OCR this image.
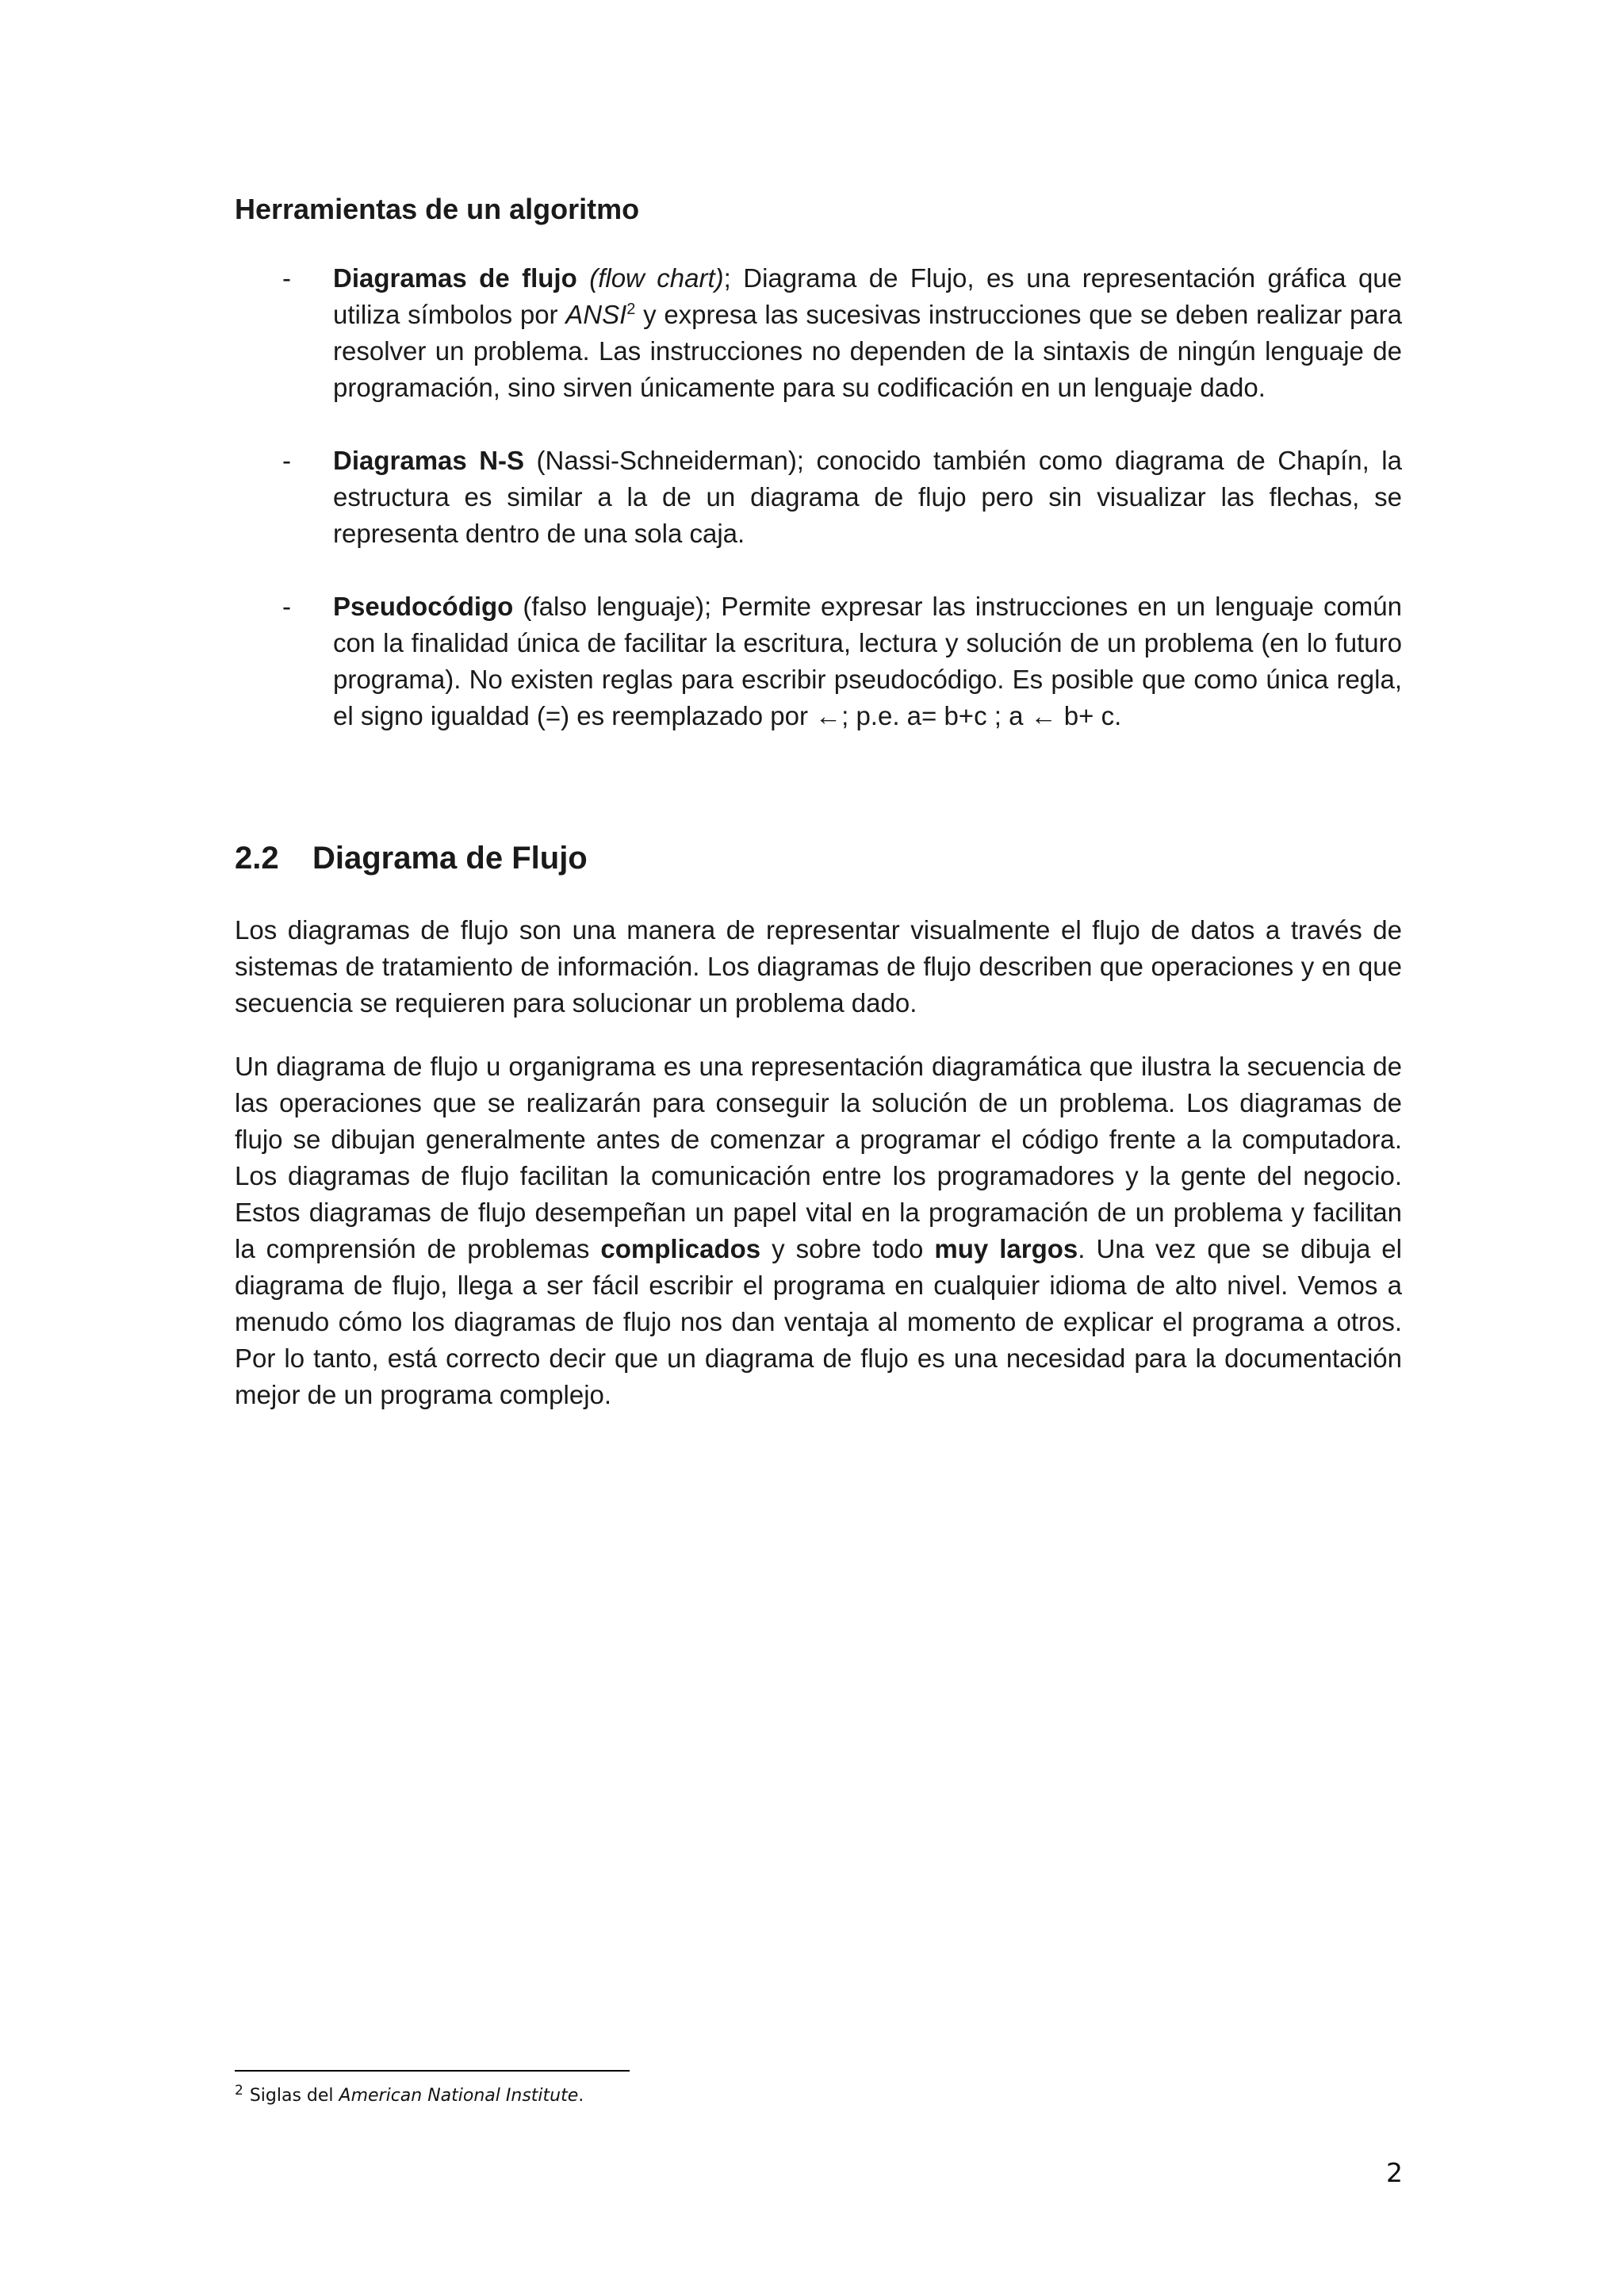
Herramientas de un algoritmo
- Diagramas de flujo (flow chart); Diagrama de Flujo, es una representación gráfica que utiliza símbolos por ANSI$^2$ y expresa las sucesivas instrucciones que se deben realizar para resolver un problema. Las instrucciones no dependen de la sintaxis de ningún lenguaje de programación, sino sirven únicamente para su codificación en un lenguaje dado.
- Diagramas N-S (Nassi-Schneiderman); conocido también como diagrama de Chapín, la estructura es similar a la de un diagrama de flujo pero sin visualizar las flechas, se representa dentro de una sola caja.
- Pseudocódigo (falso lenguaje); Permite expresar las instrucciones en un lenguaje común con la finalidad única de facilitar la escritura, lectura y solución de un problema (en lo futuro programa). No existen reglas para escribir pseudocódigo. Es posible que como única regla, el signo igualdad (=) es reemplazado por ←; p.e. a= b+c ; a ← b+ c.
2.2 Diagrama de Flujo

Los diagramas de flujo son una manera de representar visualmente el flujo de datos a través de sistemas de tratamiento de información. Los diagramas de flujo describen que operaciones y en que secuencia se requieren para solucionar un problema dado.

Un diagrama de flujo u organigrama es una representación diagramática que ilustra la secuencia de las operaciones que se realizarán para conseguir la solución de un problema. Los diagramas de flujo se dibujan generalmente antes de comenzar a programar el código frente a la computadora. Los diagramas de flujo facilitan la comunicación entre los programadores y la gente del negocio. Estos diagramas de flujo desempeñan un papel vital en la programación de un problema y facilitan la comprensión de problemas complicados y sobre todo muy largos. Una vez que se dibuja el diagrama de flujo, llega a ser fácil escribir el programa en cualquier idioma de alto nivel. Vemos a menudo cómo los diagramas de flujo nos dan ventaja al momento de explicar el programa a otros. Por lo tanto, está correcto decir que un diagrama de flujo es una necesidad para la documentación mejor de un programa complejo.

$^2$ Siglas del American National Institute.
2
